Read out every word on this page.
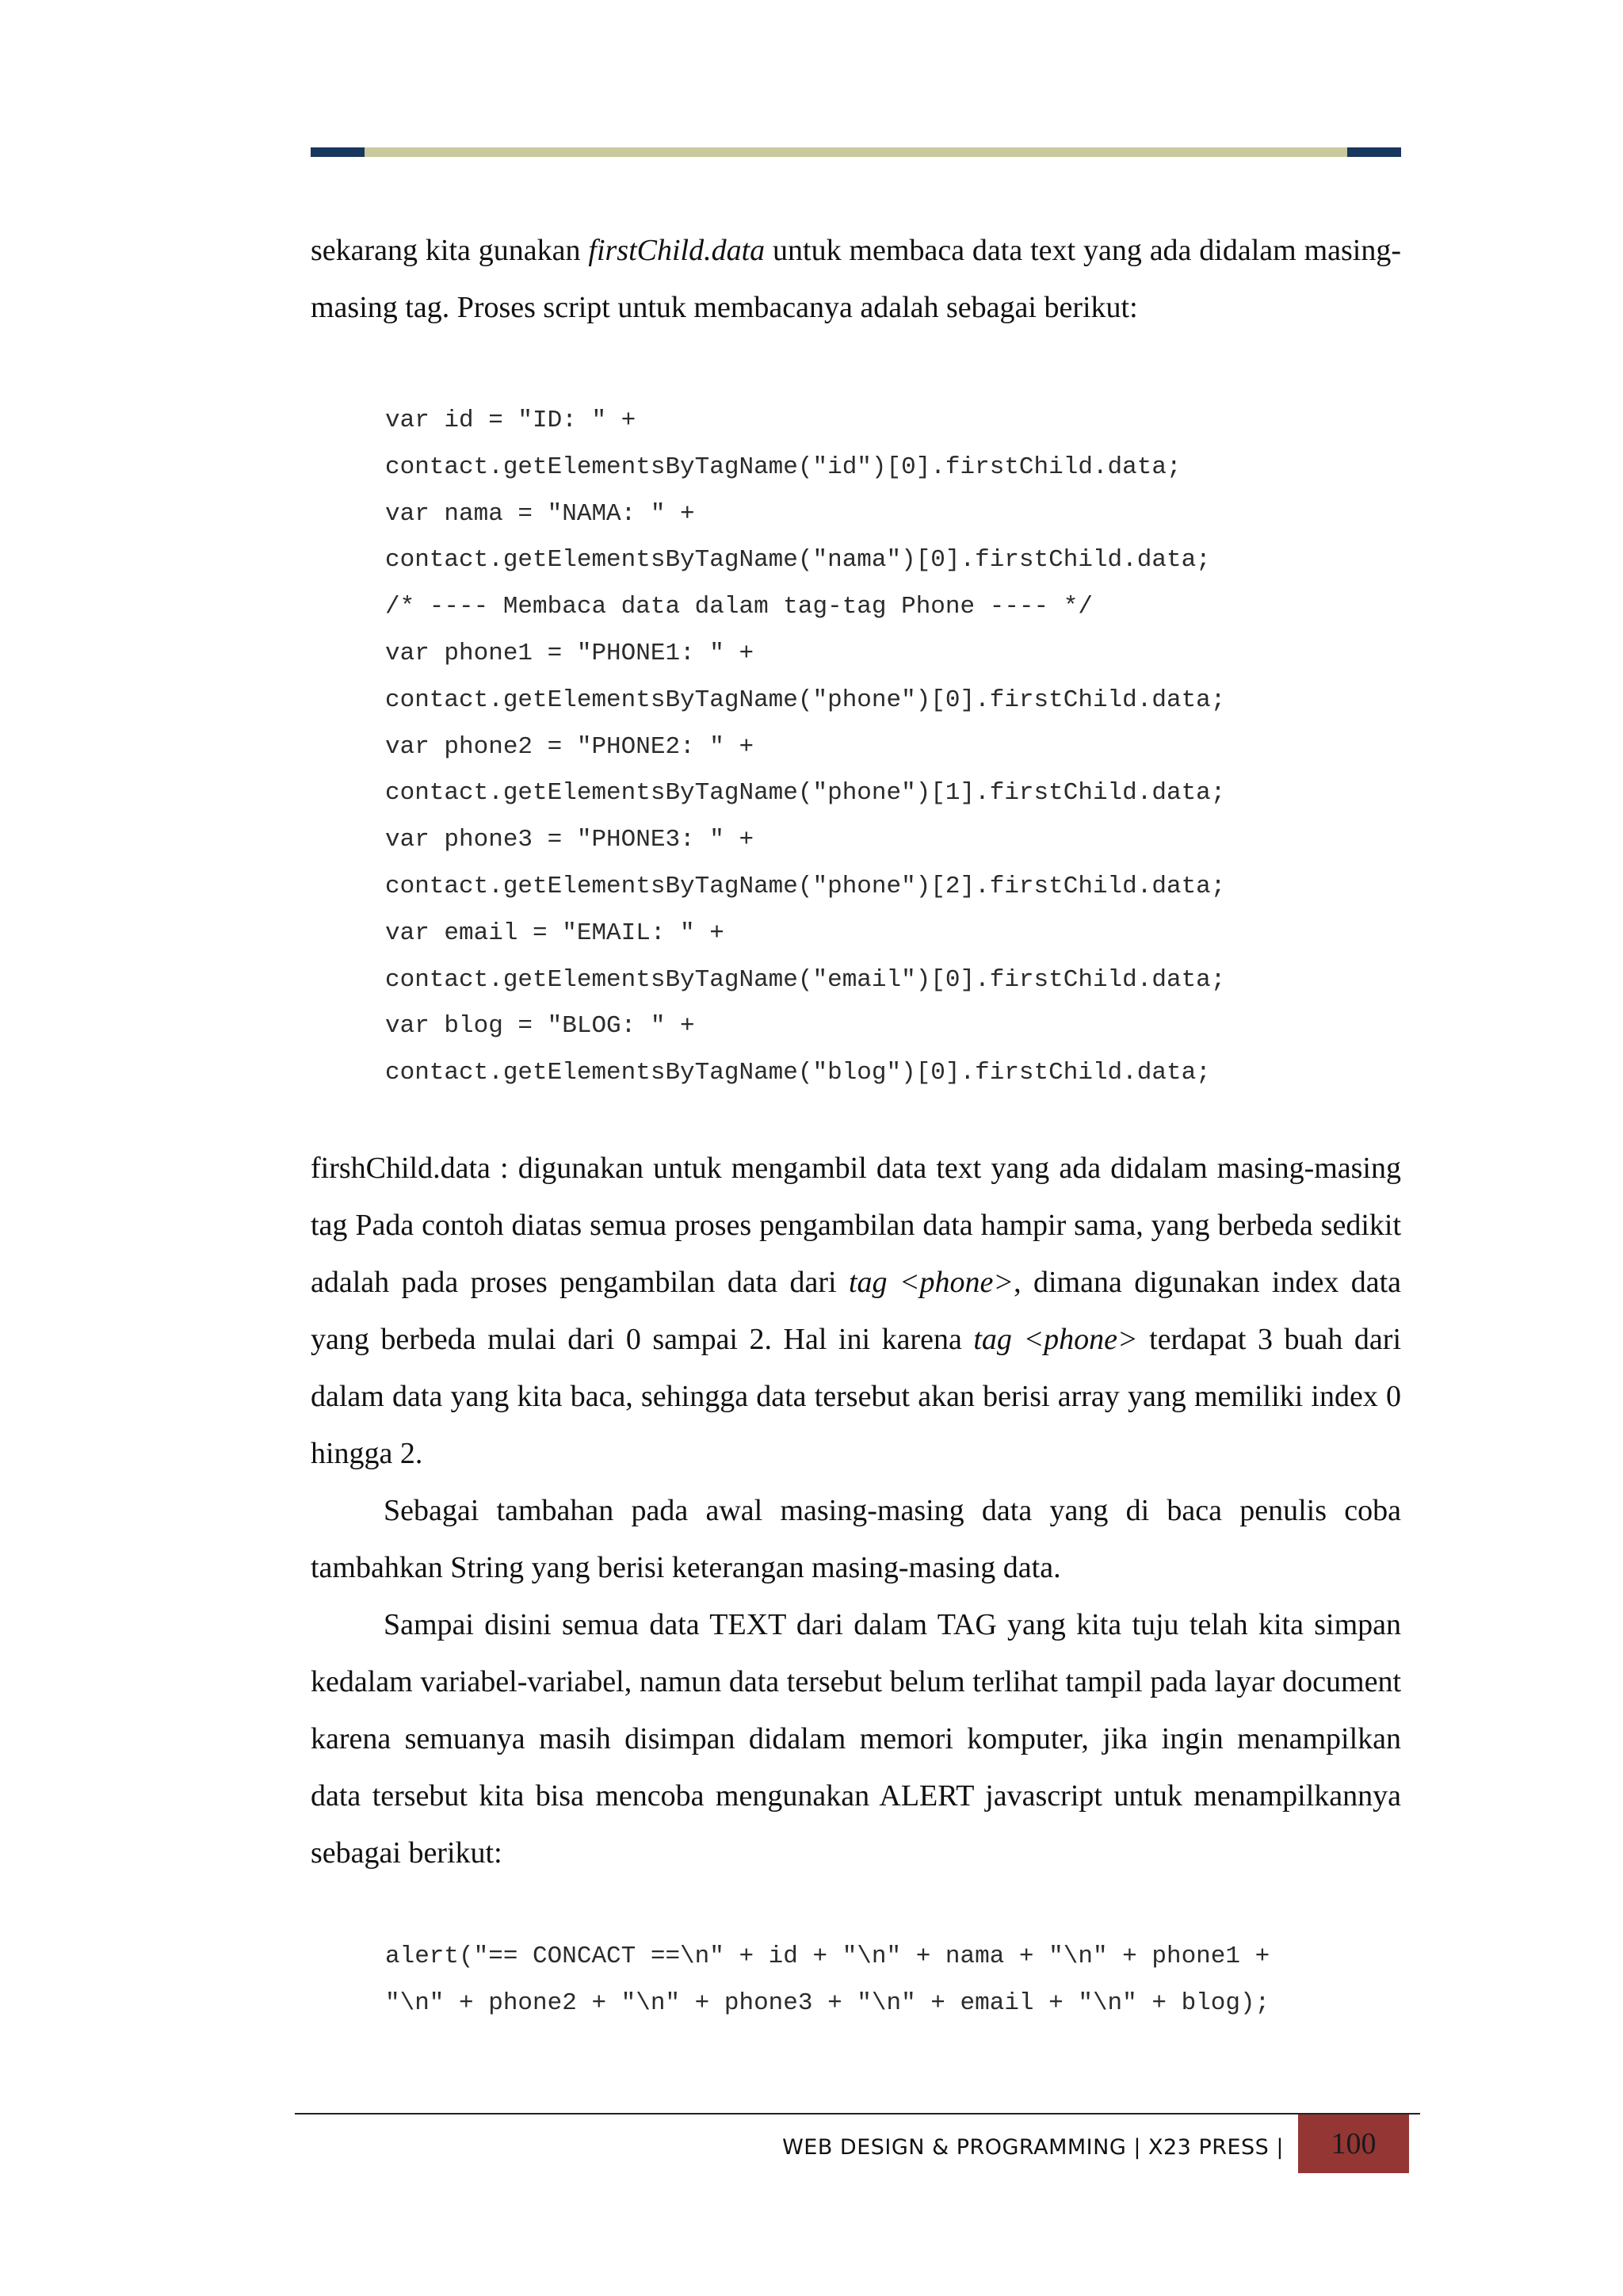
sekarang kita gunakan firstChild.data untuk membaca data text yang ada didalam masing-masing tag. Proses script untuk membacanya adalah sebagai berikut:

var id = "ID: " +
contact.getElementsByTagName("id")[0].firstChild.data;
var nama = "NAMA: " +
contact.getElementsByTagName("nama")[0].firstChild.data;
/* ---- Membaca data dalam tag-tag Phone ---- */
var phone1 = "PHONE1: " +
contact.getElementsByTagName("phone")[0].firstChild.data;
var phone2 = "PHONE2: " +
contact.getElementsByTagName("phone")[1].firstChild.data;
var phone3 = "PHONE3: " +
contact.getElementsByTagName("phone")[2].firstChild.data;
var email = "EMAIL: " +
contact.getElementsByTagName("email")[0].firstChild.data;
var blog = "BLOG: " +
contact.getElementsByTagName("blog")[0].firstChild.data;

firshChild.data : digunakan untuk mengambil data text yang ada didalam masing-masing tag Pada contoh diatas semua proses pengambilan data hampir sama, yang berbeda sedikit adalah pada proses pengambilan data dari tag <phone>, dimana digunakan index data yang berbeda mulai dari 0 sampai 2. Hal ini karena tag <phone> terdapat 3 buah dari dalam data yang kita baca, sehingga data tersebut akan berisi array yang memiliki index 0 hingga 2.

Sebagai tambahan pada awal masing-masing data yang di baca penulis coba tambahkan String yang berisi keterangan masing-masing data.

Sampai disini semua data TEXT dari dalam TAG yang kita tuju telah kita simpan kedalam variabel-variabel, namun data tersebut belum terlihat tampil pada layar document karena semuanya masih disimpan didalam memori komputer, jika ingin menampilkan data tersebut kita bisa mencoba mengunakan ALERT javascript untuk menampilkannya sebagai berikut:

alert("== CONCACT ==\n" + id + "\n" + nama + "\n" + phone1 +
"\n" + phone2 + "\n" + phone3 + "\n" + email + "\n" + blog);
WEB DESIGN & PROGRAMMING | X23 PRESS |	100
